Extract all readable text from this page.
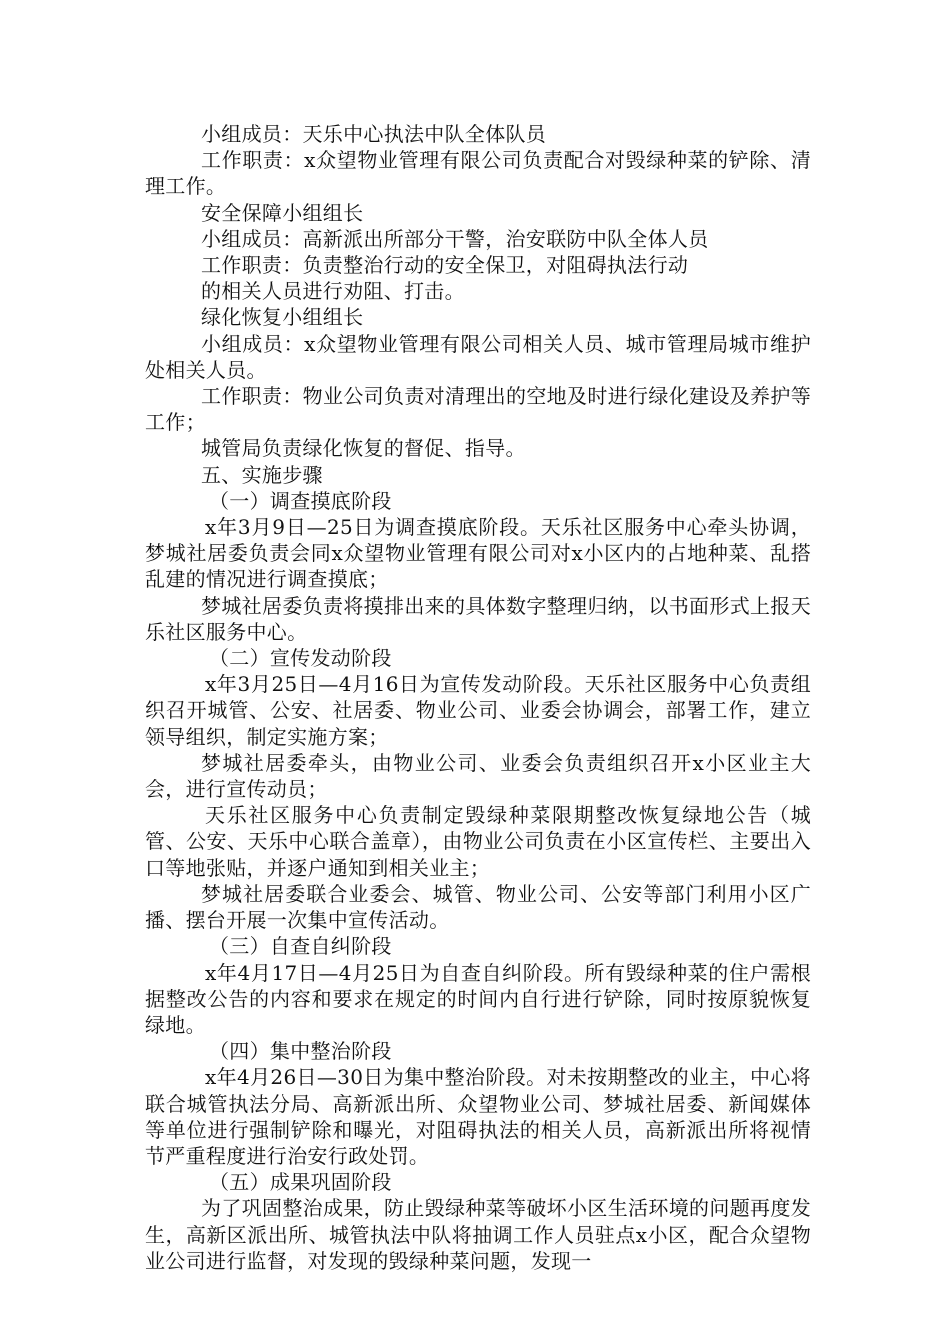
小组成员：天乐中心执法中队全体队员

工作职责：x众望物业管理有限公司负责配合对毁绿种菜的铲除、清理工作。

安全保障小组组长

小组成员：高新派出所部分干警，治安联防中队全体人员

工作职责：负责整治行动的安全保卫，对阻碍执法行动

的相关人员进行劝阻、打击。

绿化恢复小组组长

小组成员：x众望物业管理有限公司相关人员、城市管理局城市维护处相关人员。

工作职责：物业公司负责对清理出的空地及时进行绿化建设及养护等工作；

城管局负责绿化恢复的督促、指导。

五、实施步骤

（一）调查摸底阶段

x年3月9日—25日为调查摸底阶段。天乐社区服务中心牵头协调，梦城社居委负责会同x众望物业管理有限公司对x小区内的占地种菜、乱搭乱建的情况进行调查摸底；

梦城社居委负责将摸排出来的具体数字整理归纳，以书面形式上报天乐社区服务中心。

（二）宣传发动阶段

x年3月25日—4月16日为宣传发动阶段。天乐社区服务中心负责组织召开城管、公安、社居委、物业公司、业委会协调会，部署工作，建立领导组织，制定实施方案；

梦城社居委牵头，由物业公司、业委会负责组织召开x小区业主大会，进行宣传动员；

天乐社区服务中心负责制定毁绿种菜限期整改恢复绿地公告（城管、公安、天乐中心联合盖章），由物业公司负责在小区宣传栏、主要出入口等地张贴，并逐户通知到相关业主；

梦城社居委联合业委会、城管、物业公司、公安等部门利用小区广播、摆台开展一次集中宣传活动。

（三）自查自纠阶段

x年4月17日—4月25日为自查自纠阶段。所有毁绿种菜的住户需根据整改公告的内容和要求在规定的时间内自行进行铲除，同时按原貌恢复绿地。

（四）集中整治阶段

x年4月26日—30日为集中整治阶段。对未按期整改的业主，中心将联合城管执法分局、高新派出所、众望物业公司、梦城社居委、新闻媒体等单位进行强制铲除和曝光，对阻碍执法的相关人员，高新派出所将视情节严重程度进行治安行政处罚。

（五）成果巩固阶段

为了巩固整治成果，防止毁绿种菜等破坏小区生活环境的问题再度发生，高新区派出所、城管执法中队将抽调工作人员驻点x小区，配合众望物业公司进行监督，对发现的毁绿种菜问题，发现一
